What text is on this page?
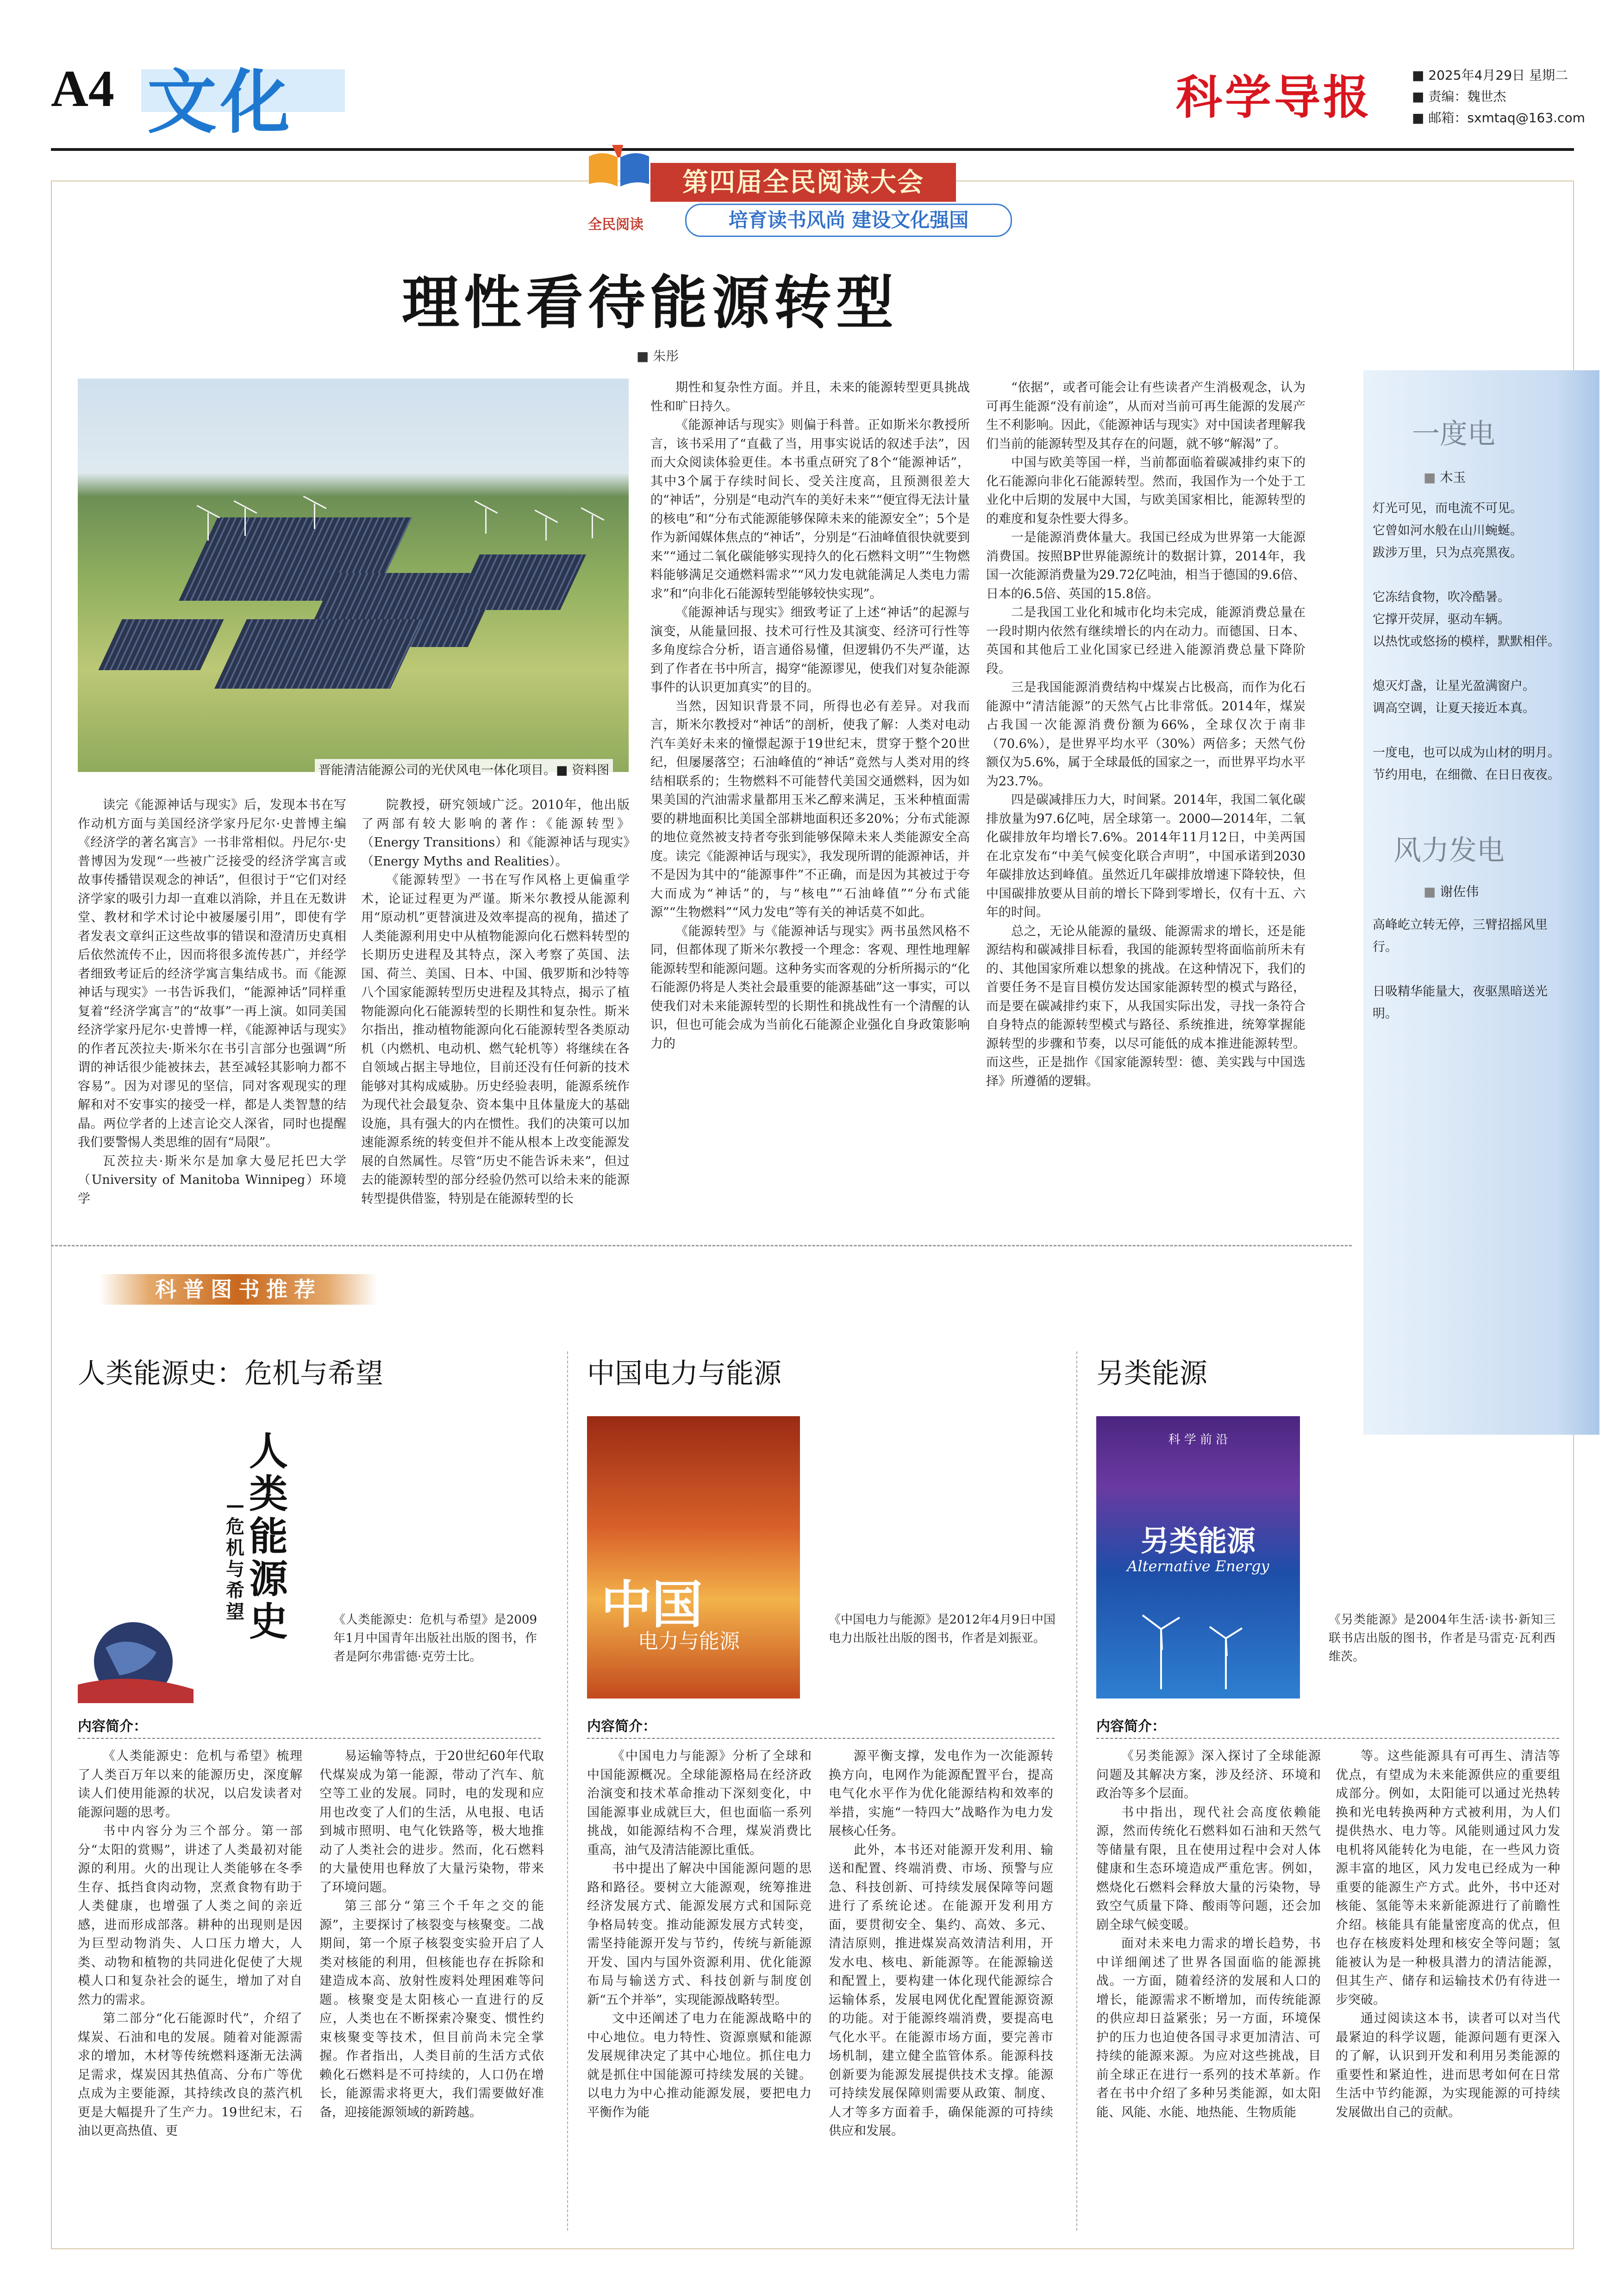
A4 文化	科学导报
■	2025年4月29日 星期二
■ 责编：魏世杰
■ 邮箱：sxmtaq@163.com
全民阅读
第四届全民阅读大会
培育读书风尚 建设文化强国
理性看待能源转型
■ 朱彤
晋能清洁能源公司的光伏风电一体化项目。■ 资料图

读完《能源神话与现实》后，发现本书在写作动机方面与美国经济学家丹尼尔·史普博主编《经济学的著名寓言》一书非常相似。丹尼尔·史普博因为发现“一些被广泛接受的经济学寓言或故事传播错误观念的神话”，但很讨于“它们对经济学家的吸引力却一直难以消除，并且在无数讲堂、教材和学术讨论中被屡屡引用”，即使有学者发表文章纠正这些故事的错误和澄清历史真相后依然流传不止，因而将很多流传甚广，并经学者细致考证后的经济学寓言集结成书。而《能源神话与现实》一书告诉我们，“能源神话”同样重复着“经济学寓言”的“故事”一再上演。如同美国经济学家丹尼尔·史普博一样，《能源神话与现实》的作者瓦茨拉夫·斯米尔在书引言部分也强调“所谓的神话很少能被抹去，甚至减轻其影响力都不容易”。因为对谬见的坚信，同对客观现实的理解和对不安事实的接受一样，都是人类智慧的结晶。两位学者的上述言论交人深省，同时也提醒我们要警惕人类思维的固有“局限”。

瓦茨拉夫·斯米尔是加拿大曼尼托巴大学（University of Manitoba Winnipeg）环境学

院教授，研究领域广泛。2010年，他出版了两部有较大影响的著作：《能源转型》（Energy Transitions）和《能源神话与现实》（Energy Myths and Realities）。

《能源转型》一书在写作风格上更偏重学术，论证过程更为严谨。斯米尔教授从能源利用“原动机”更替演进及效率提高的视角，描述了人类能源利用史中从植物能源向化石燃料转型的长期历史进程及其特点，深入考察了英国、法国、荷兰、美国、日本、中国、俄罗斯和沙特等八个国家能源转型历史进程及其特点，揭示了植物能源向化石能源转型的长期性和复杂性。斯米尔指出，推动植物能源向化石能源转型各类原动机（内燃机、电动机、燃气轮机等）将继续在各自领域占据主导地位，目前还没有任何新的技术能够对其构成威胁。历史经验表明，能源系统作为现代社会最复杂、资本集中且体量庞大的基础设施，具有强大的内在惯性。我们的决策可以加速能源系统的转变但并不能从根本上改变能源发展的自然属性。尽管“历史不能告诉未来”，但过去的能源转型的部分经验仍然可以给未来的能源转型提供借鉴，特别是在能源转型的长

期性和复杂性方面。并且，未来的能源转型更具挑战性和旷日持久。

《能源神话与现实》则偏于科普。正如斯米尔教授所言，该书采用了“直截了当，用事实说话的叙述手法”，因而大众阅读体验更佳。本书重点研究了8个“能源神话”，其中3个属于存续时间长、受关注度高，且预测很差大的“神话”，分别是“电动汽车的美好未来”“便宜得无法计量的核电”和“分布式能源能够保障未来的能源安全”；5个是作为新闻媒体焦点的“神话”，分别是“石油峰值很快就要到来”“通过二氧化碳能够实现持久的化石燃料文明”“生物燃料能够满足交通燃料需求”“风力发电就能满足人类电力需求”和“向非化石能源转型能够较快实现”。

《能源神话与现实》细致考证了上述“神话”的起源与演变，从能量回报、技术可行性及其演变、经济可行性等多角度综合分析，语言通俗易懂，但逻辑仍不失严谨，达到了作者在书中所言，揭穿“能源谬见，使我们对复杂能源事件的认识更加真实”的目的。

当然，因知识背景不同，所得也必有差异。对我而言，斯米尔教授对“神话”的剖析，使我了解：人类对电动汽车美好未来的憧憬起源于19世纪末，贯穿于整个20世纪，但屡屡落空；石油峰值的“神话”竟然与人类对用的终结相联系的；生物燃料不可能替代美国交通燃料，因为如果美国的汽油需求量都用玉米乙醇来满足，玉米种植面需要的耕地面积比美国全部耕地面积还多20%；分布式能源的地位竟然被支持者夸张到能够保障未来人类能源安全高度。读完《能源神话与现实》，我发现所谓的能源神话，并不是因为其中的“能源事件”不正确，而是因为其被过于夸大而成为“神话”的，与“核电”“石油峰值”“分布式能源”“生物燃料”“风力发电”等有关的神话莫不如此。

《能源转型》与《能源神话与现实》两书虽然风格不同，但都体现了斯米尔教授一个理念：客观、理性地理解能源转型和能源问题。这种务实而客观的分析所揭示的“化石能源仍将是人类社会最重要的能源基础”这一事实，可以使我们对未来能源转型的长期性和挑战性有一个清醒的认识，但也可能会成为当前化石能源企业强化自身政策影响力的

“依据”，或者可能会让有些读者产生消极观念，认为可再生能源“没有前途”，从而对当前可再生能源的发展产生不利影响。因此，《能源神话与现实》对中国读者理解我们当前的能源转型及其存在的问题，就不够“解渴”了。

中国与欧美等国一样，当前都面临着碳减排约束下的化石能源向非化石能源转型。然而，我国作为一个处于工业化中后期的发展中大国，与欧美国家相比，能源转型的的难度和复杂性要大得多。

一是能源消费体量大。我国已经成为世界第一大能源消费国。按照BP世界能源统计的数据计算，2014年，我国一次能源消费量为29.72亿吨油，相当于德国的9.6倍、日本的6.5倍、英国的15.8倍。

二是我国工业化和城市化均未完成，能源消费总量在一段时期内依然有继续增长的内在动力。而德国、日本、英国和其他后工业化国家已经进入能源消费总量下降阶段。

三是我国能源消费结构中煤炭占比极高，而作为化石能源中“清洁能源”的天然气占比非常低。2014年，煤炭占我国一次能源消费份额为66%，全球仅次于南非（70.6%），是世界平均水平（30%）两倍多；天然气份额仅为5.6%，属于全球最低的国家之一，而世界平均水平为23.7%。

四是碳减排压力大，时间紧。2014年，我国二氧化碳排放量为97.6亿吨，居全球第一。2000—2014年，二氧化碳排放年均增长7.6%。2014年11月12日，中美两国在北京发布“中美气候变化联合声明”，中国承诺到2030年碳排放达到峰值。虽然近几年碳排放增速下降较快，但中国碳排放要从目前的增长下降到零增长，仅有十五、六年的时间。

总之，无论从能源的量级、能源需求的增长，还是能源结构和碳减排目标看，我国的能源转型将面临前所未有的、其他国家所难以想象的挑战。在这种情况下，我们的首要任务不是盲目模仿发达国家能源转型的模式与路径，而是要在碳减排约束下，从我国实际出发，寻找一条符合自身特点的能源转型模式与路径、系统推进，统筹掌握能源转型的步骤和节奏，以尽可能低的成本推进能源转型。而这些，正是拙作《国家能源转型：德、美实践与中国选择》所遵循的逻辑。

一度电
■ 木玉
灯光可见，而电流不可见。
它曾如河水般在山川蜿蜒。
跋涉万里，只为点亮黑夜。

它冻结食物，吹冷酷暑。
它撑开荧屏，驱动车辆。
以热忱或悠扬的模样，默默相伴。

熄灭灯盏，让星光盈满窗户。
调高空调，让夏天接近本真。

一度电，也可以成为山材的明月。
节约用电，在细微、在日日夜夜。
风力发电
■ 谢佐伟
高峰屹立转无停，三臂招摇风里行。

日吸精华能量大，夜驱黑暗送光明。
科普图书推荐
人类能源史：危机与希望
人类能源史
—危机与希望	《人类能源史：危机与希望》是2009年1月中国青年出版社出版的图书，作者是阿尔弗雷德·克劳士比。
内容简介：

《人类能源史：危机与希望》梳理了人类百万年以来的能源历史，深度解读人们使用能源的状况，以启发读者对能源问题的思考。

书中内容分为三个部分。第一部分“太阳的赏赐”，讲述了人类最初对能源的利用。火的出现让人类能够在冬季生存、抵挡食肉动物，烹煮食物有助于人类健康，也增强了人类之间的亲近感，进而形成部落。耕种的出现则是因为巨型动物消失、人口压力增大，人类、动物和植物的共同进化促使了大规模人口和复杂社会的诞生，增加了对自然力的需求。

第二部分“化石能源时代”，介绍了煤炭、石油和电的发展。随着对能源需求的增加，木材等传统燃料逐渐无法满足需求，煤炭因其热值高、分布广等优点成为主要能源，其持续改良的蒸汽机更是大幅提升了生产力。19世纪末，石油以更高热值、更

易运输等特点，于20世纪60年代取代煤炭成为第一能源，带动了汽车、航空等工业的发展。同时，电的发现和应用也改变了人们的生活，从电报、电话到城市照明、电气化铁路等，极大地推动了人类社会的进步。然而，化石燃料的大量使用也释放了大量污染物，带来了环境问题。

第三部分“第三个千年之交的能源”，主要探讨了核裂变与核聚变。二战期间，第一个原子核裂变实验开启了人类对核能的利用，但核能也存在拆除和建造成本高、放射性废料处理困难等问题。核聚变是太阳核心一直进行的反应，人类也在不断探索冷聚变、惯性约束核聚变等技术，但目前尚未完全掌握。作者指出，人类目前的生活方式依赖化石燃料是不可持续的，人口仍在增长，能源需求将更大，我们需要做好准备，迎接能源领域的新跨越。

中国电力与能源
中国
电力与能源
《中国电力与能源》是2012年4月9日中国电力出版社出版的图书，作者是刘振亚。
内容简介：

《中国电力与能源》分析了全球和中国能源概况。全球能源格局在经济政治演变和技术革命推动下深刻变化，中国能源事业成就巨大，但也面临一系列挑战，如能源结构不合理，煤炭消费比重高，油气及清洁能源比重低。

书中提出了解决中国能源问题的思路和路径。要树立大能源观，统筹推进经济发展方式、能源发展方式和国际竞争格局转变。推动能源发展方式转变，需坚持能源开发与节约，传统与新能源开发、国内与国外资源利用、优化能源布局与输送方式、科技创新与制度创新“五个并举”，实现能源战略转型。

文中还阐述了电力在能源战略中的中心地位。电力特性、资源禀赋和能源发展规律决定了其中心地位。抓住电力就是抓住中国能源可持续发展的关键。以电力为中心推动能源发展，要把电力平衡作为能

源平衡支撑，发电作为一次能源转换方向，电网作为能源配置平台，提高电气化水平作为优化能源结构和效率的举措，实施“一特四大”战略作为电力发展核心任务。

此外，本书还对能源开发利用、输送和配置、终端消费、市场、预警与应急、科技创新、可持续发展保障等问题进行了系统论述。在能源开发利用方面，要贯彻安全、集约、高效、多元、清洁原则，推进煤炭高效清洁利用，开发水电、核电、新能源等。在能源输送和配置上，要构建一体化现代能源综合运输体系，发展电网优化配置能源资源的功能。对于能源终端消费，要提高电气化水平。在能源市场方面，要完善市场机制，建立健全监管体系。能源科技创新要为能源发展提供技术支撑。能源可持续发展保障则需要从政策、制度、人才等多方面着手，确保能源的可持续供应和发展。

另类能源
科 学 前 沿
另类能源
Alternative Energy
《另类能源》是2004年生活·读书·新知三联书店出版的图书，作者是马雷克·瓦利西维茨。
内容简介：

《另类能源》深入探讨了全球能源问题及其解决方案，涉及经济、环境和政治等多个层面。

书中指出，现代社会高度依赖能源，然而传统化石燃料如石油和天然气等储量有限，且在使用过程中会对人体健康和生态环境造成严重危害。例如，燃烧化石燃料会释放大量的污染物，导致空气质量下降、酸雨等问题，还会加剧全球气候变暖。

面对未来电力需求的增长趋势，书中详细阐述了世界各国面临的能源挑战。一方面，随着经济的发展和人口的增长，能源需求不断增加，而传统能源的供应却日益紧张；另一方面，环境保护的压力也迫使各国寻求更加清洁、可持续的能源来源。为应对这些挑战，目前全球正在进行一系列的技术革新。作者在书中介绍了多种另类能源，如太阳能、风能、水能、地热能、生物质能

等。这些能源具有可再生、清洁等优点，有望成为未来能源供应的重要组成部分。例如，太阳能可以通过光热转换和光电转换两种方式被利用，为人们提供热水、电力等。风能则通过风力发电机将风能转化为电能，在一些风力资源丰富的地区，风力发电已经成为一种重要的能源生产方式。此外，书中还对核能、氢能等未来新能源进行了前瞻性介绍。核能具有能量密度高的优点，但也存在核废料处理和核安全等问题；氢能被认为是一种极具潜力的清洁能源，但其生产、储存和运输技术仍有待进一步突破。

通过阅读这本书，读者可以对当代最紧迫的科学议题，能源问题有更深入的了解，认识到开发和利用另类能源的重要性和紧迫性，进而思考如何在日常生活中节约能源，为实现能源的可持续发展做出自己的贡献。
